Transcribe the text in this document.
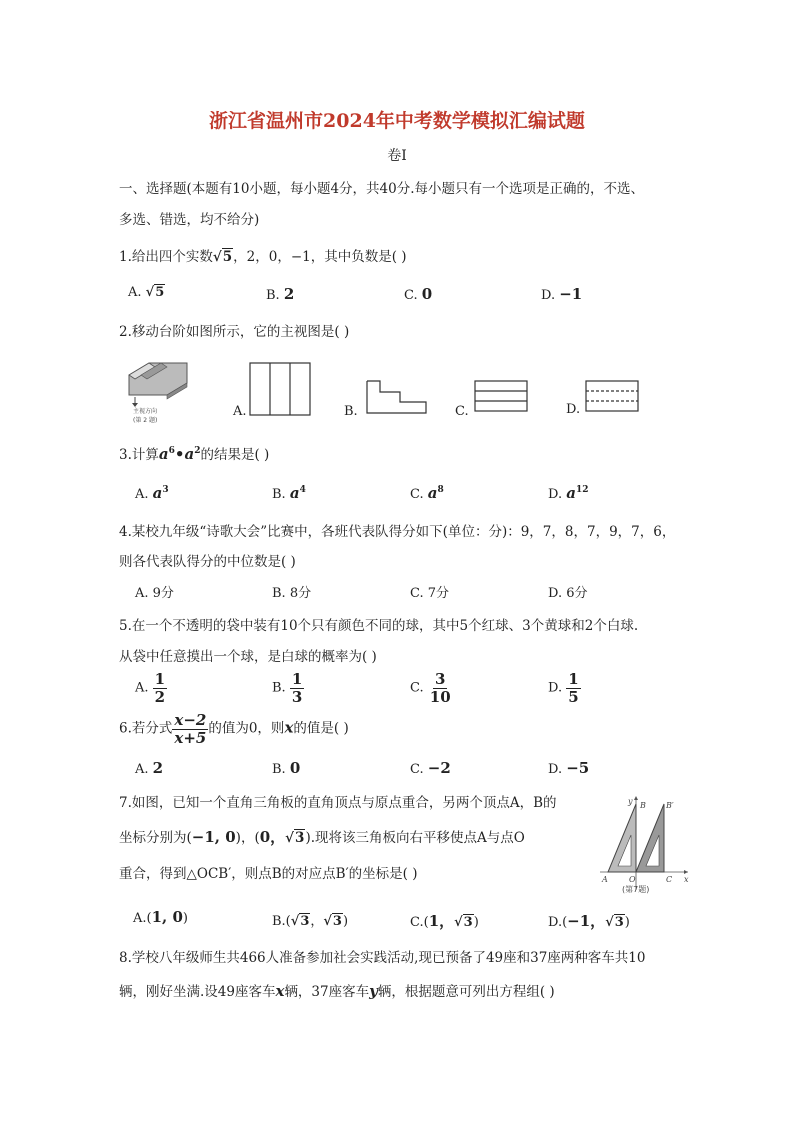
浙江省温州市2024年中考数学模拟汇编试题
卷I
一、选择题(本题有10小题，每小题4分，共40分.每小题只有一个选项是正确的，不选、
多选、错选，均不给分)
1.给出四个实数√5，2，0，−1，其中负数是( )
A. √5	B. 2	C. 0	D. −1
2.移动台阶如图所示，它的主视图是( )
主视方向
(第 2 题)
A.	B.	C.	D.
3.计算$a^6•a^2$的结果是( )
A. $a^3$	B. $a^4$	C. $a^8$	D. $a^{12}$
4.某校九年级“诗歌大会”比赛中，各班代表队得分如下(单位：分)：9，7，8，7，9，7，6，
则各代表队得分的中位数是( )
A. 9分	B. 8分	C. 7分	D. 6分
5.在一个不透明的袋中装有10个只有颜色不同的球，其中5个红球、3个黄球和2个白球.
从袋中任意摸出一个球，是白球的概率为( )
A. $\frac{1}{2}$	B. $\frac{1}{3}$	C. $\frac{3}{10}$	D. $\frac{1}{5}$
6.若分式 $\frac{x-2}{x+5}$ 的值为0，则x的值是( )
A. 2	B. 0	C. −2	D. −5
7.如图，已知一个直角三角板的直角顶点与原点重合，另两个顶点A，B的
坐标分别为(−1, 0)，(0，√3).现将该三角板向右平移使点A与点O
重合，得到△OCB′，则点B的对应点B′的坐标是( )
y
x
B	B′
A	O	C
(第7题)
A.(1, 0)	B.(√3，√3)	C.(1，√3)	D.(−1，√3)
8.学校八年级师生共466人准备参加社会实践活动,现已预备了49座和37座两种客车共10
辆，刚好坐满.设49座客车x辆，37座客车y辆，根据题意可列出方程组( )
